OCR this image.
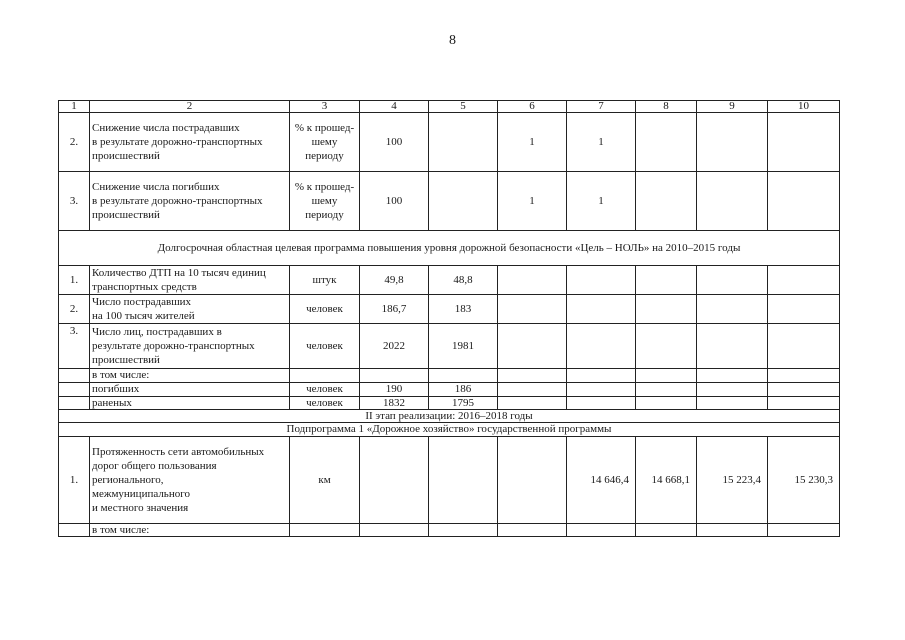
8
1	2	3	4	5	6	7	8	9	10
2.	Снижение числа пострадавших
в результате дорожно-транспортных
происшествий	% к прошед-
шему
периоду	100		1	1			
3.	Снижение числа погибших
в результате дорожно-транспортных
происшествий	% к прошед-
шему
периоду	100		1	1			
Долгосрочная областная целевая программа повышения уровня дорожной безопасности «Цель – НОЛЬ» на 2010–2015 годы									
1.	Количество ДТП на 10 тысяч единиц
транспортных средств	штук	49,8	48,8					
2.	Число пострадавших
на 100 тысяч жителей	человек	186,7	183					
3.	Число лиц, пострадавших в
результате дорожно-транспортных
происшествий	человек	2022	1981					
	в том числе:								
	погибших	человек	190	186					
	раненых	человек	1832	1795					
II этап реализации: 2016–2018 годы									
Подпрограмма 1 «Дорожное хозяйство» государственной программы									
1.	Протяженность сети автомобильных
дорог общего пользования
регионального,
межмуниципального
и местного значения	км				14 646,4	14 668,1	15 223,4	15 230,3
	в том числе:								
